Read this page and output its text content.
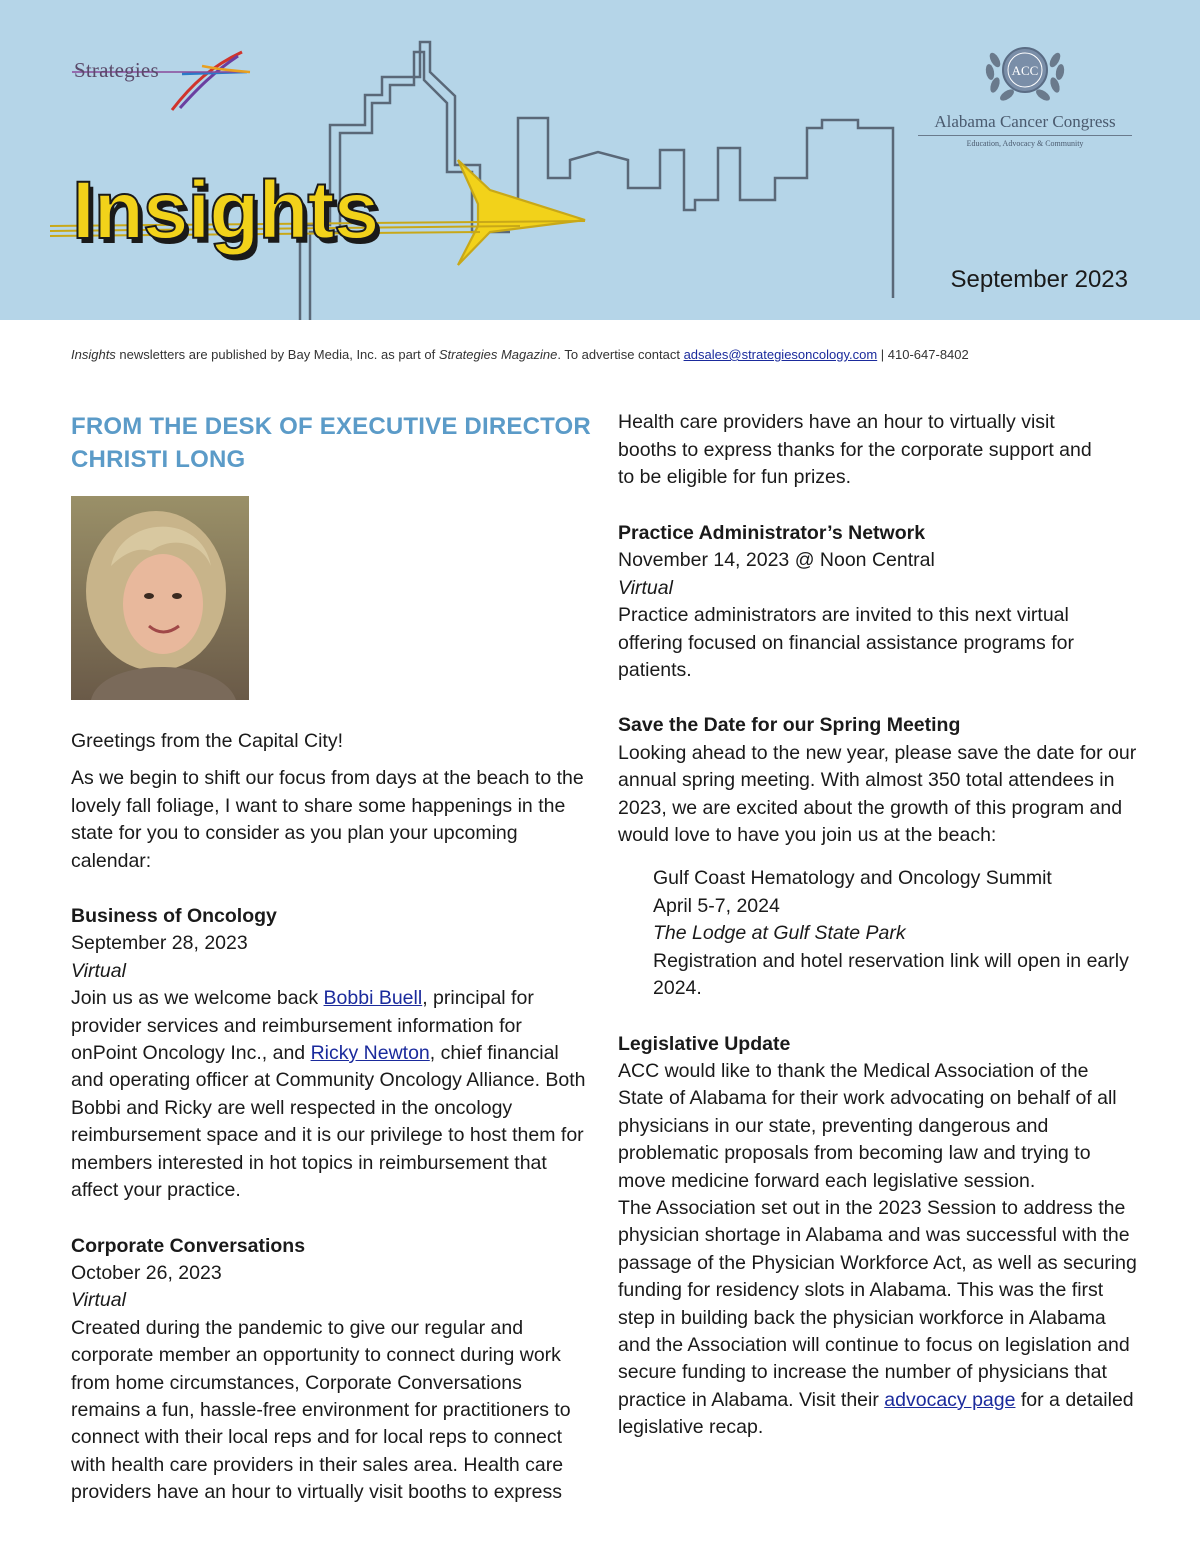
Strategies
Insights
ACC
Alabama Cancer Congress
Education, Advocacy & Community
September 2023
Insights newsletters are published by Bay Media, Inc. as part of Strategies Magazine. To advertise contact adsales@strategiesoncology.com | 410-647-8402
FROM THE DESK OF EXECUTIVE DIRECTOR CHRISTI LONG

Greetings from the Capital City!

As we begin to shift our focus from days at the beach to the lovely fall foliage, I want to share some happenings in the state for you to consider as you plan your upcoming calendar:

Business of Oncology
September 28, 2023
Virtual
Join us as we welcome back Bobbi Buell, principal for provider services and reimbursement information for onPoint Oncology Inc., and Ricky Newton, chief financial and operating officer at Community Oncology Alliance. Both Bobbi and Ricky are well respected in the oncology reimbursement space and it is our privilege to host them for members interested in hot topics in reimbursement that affect your practice.
Corporate Conversations
October 26, 2023
Virtual
Created during the pandemic to give our regular and corporate member an opportunity to connect during work from home circumstances, Corporate Conversations remains a fun, hassle-free environment for practitioners to connect with their local reps and for local reps to connect with health care providers in their sales area. Health care providers have an hour to virtually visit booths to express
Health care providers have an hour to virtually visit booths to express thanks for the corporate support and to be eligible for fun prizes.
Practice Administrator’s Network
November 14, 2023 @ Noon Central
Virtual
Practice administrators are invited to this next virtual offering focused on financial assistance programs for patients.
Save the Date for our Spring Meeting
Looking ahead to the new year, please save the date for our annual spring meeting. With almost 350 total attendees in 2023, we are excited about the growth of this program and would love to have you join us at the beach:
Gulf Coast Hematology and Oncology Summit
April 5-7, 2024
The Lodge at Gulf State Park
Registration and hotel reservation link will open in early 2024.
Legislative Update
ACC would like to thank the Medical Association of the State of Alabama for their work advocating on behalf of all physicians in our state, preventing dangerous and problematic proposals from becoming law and trying to move medicine forward each legislative session.
The Association set out in the 2023 Session to address the physician shortage in Alabama and was successful with the passage of the Physician Workforce Act, as well as securing funding for residency slots in Alabama. This was the first step in building back the physician workforce in Alabama and the Association will continue to focus on legislation and secure funding to increase the number of physicians that practice in Alabama. Visit their advocacy page for a detailed legislative recap.
